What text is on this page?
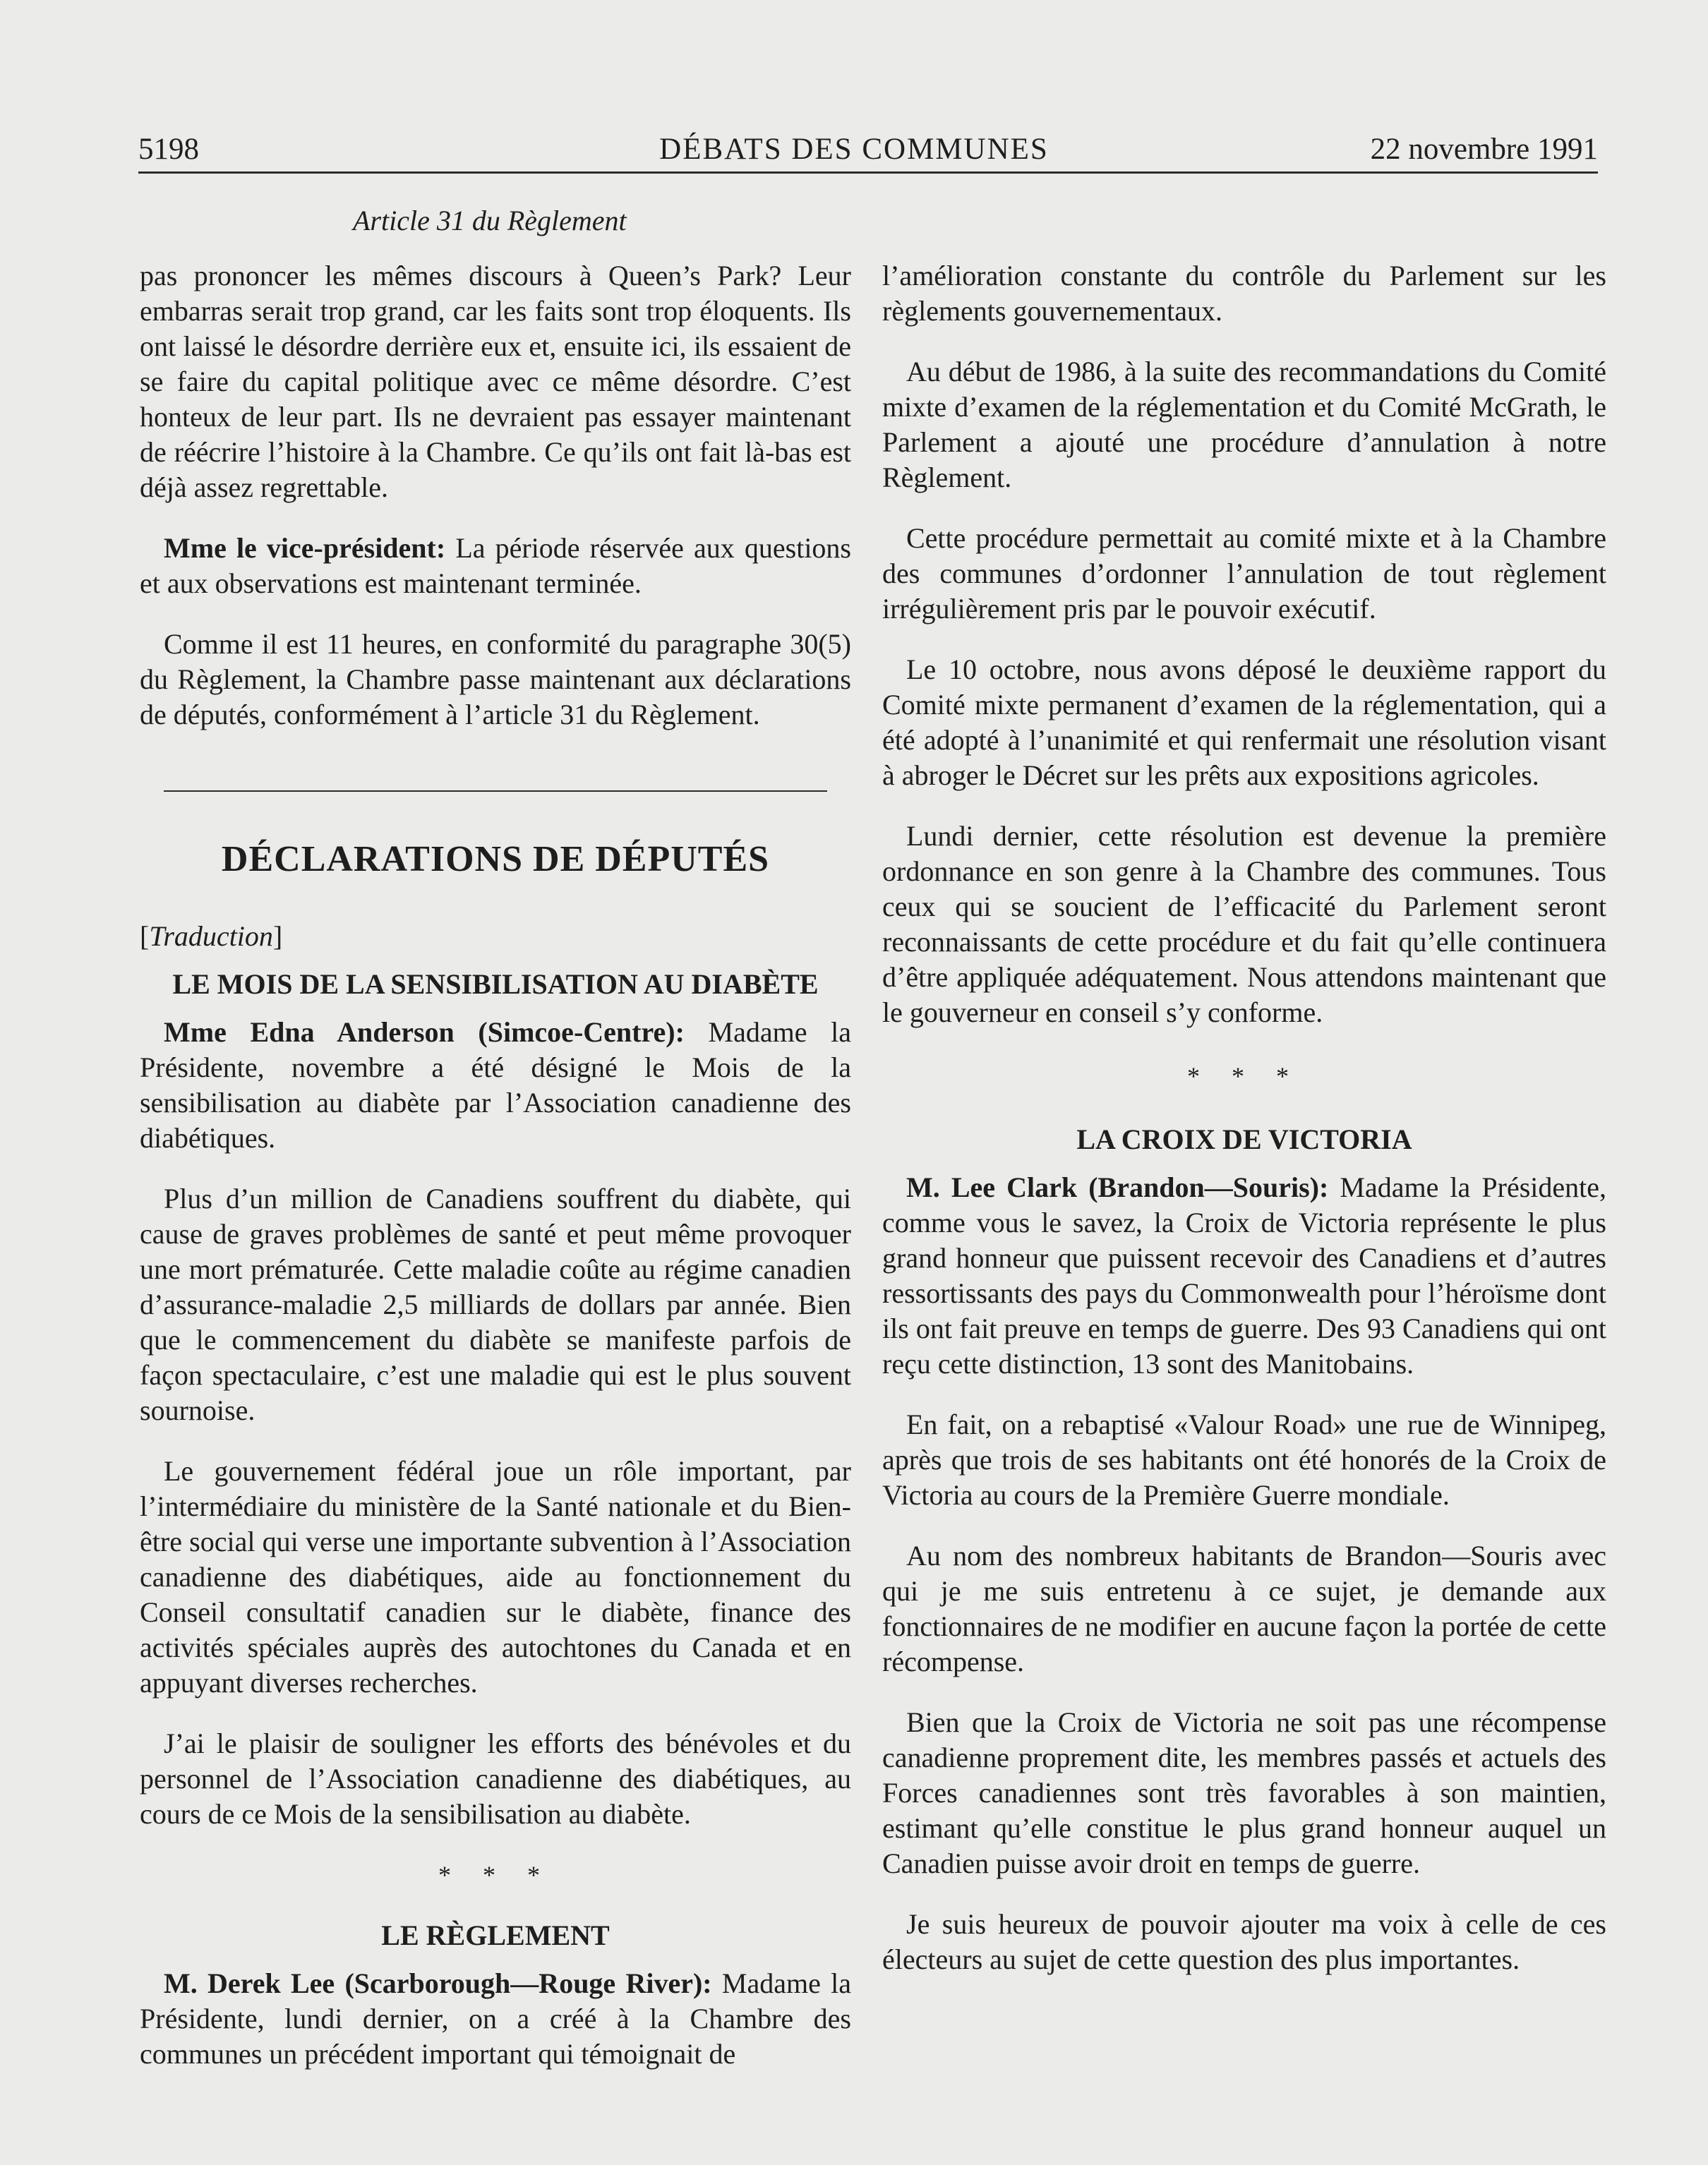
5198	DÉBATS DES COMMUNES	22 novembre 1991
Article 31 du Règlement

pas prononcer les mêmes discours à Queen’s Park? Leur embarras serait trop grand, car les faits sont trop éloquents. Ils ont laissé le désordre derrière eux et, ensuite ici, ils essaient de se faire du capital politique avec ce même désordre. C’est honteux de leur part. Ils ne devraient pas essayer maintenant de réécrire l’histoire à la Chambre. Ce qu’ils ont fait là-bas est déjà assez regrettable.

Mme le vice-président: La période réservée aux questions et aux observations est maintenant terminée.

Comme il est 11 heures, en conformité du paragraphe 30(5) du Règlement, la Chambre passe maintenant aux déclarations de députés, conformément à l’article 31 du Règlement.

DÉCLARATIONS DE DÉPUTÉS
[Traduction]
LE MOIS DE LA SENSIBILISATION AU DIABÈTE

Mme Edna Anderson (Simcoe-Centre): Madame la Présidente, novembre a été désigné le Mois de la sensibilisation au diabète par l’Association canadienne des diabétiques.

Plus d’un million de Canadiens souffrent du diabète, qui cause de graves problèmes de santé et peut même provoquer une mort prématurée. Cette maladie coûte au régime canadien d’assurance-maladie 2,5 milliards de dollars par année. Bien que le commencement du diabète se manifeste parfois de façon spectaculaire, c’est une maladie qui est le plus souvent sournoise.

Le gouvernement fédéral joue un rôle important, par l’intermédiaire du ministère de la Santé nationale et du Bien-être social qui verse une importante subvention à l’Association canadienne des diabétiques, aide au fonctionnement du Conseil consultatif canadien sur le diabète, finance des activités spéciales auprès des autochtones du Canada et en appuyant diverses recherches.

J’ai le plaisir de souligner les efforts des bénévoles et du personnel de l’Association canadienne des diabétiques, au cours de ce Mois de la sensibilisation au diabète.

* * *
LE RÈGLEMENT

M. Derek Lee (Scarborough—Rouge River): Madame la Présidente, lundi dernier, on a créé à la Chambre des communes un précédent important qui témoignait de

l’amélioration constante du contrôle du Parlement sur les règlements gouvernementaux.

Au début de 1986, à la suite des recommandations du Comité mixte d’examen de la réglementation et du Comité McGrath, le Parlement a ajouté une procédure d’annulation à notre Règlement.

Cette procédure permettait au comité mixte et à la Chambre des communes d’ordonner l’annulation de tout règlement irrégulièrement pris par le pouvoir exécutif.

Le 10 octobre, nous avons déposé le deuxième rapport du Comité mixte permanent d’examen de la réglementation, qui a été adopté à l’unanimité et qui renfermait une résolution visant à abroger le Décret sur les prêts aux expositions agricoles.

Lundi dernier, cette résolution est devenue la première ordonnance en son genre à la Chambre des communes. Tous ceux qui se soucient de l’efficacité du Parlement seront reconnaissants de cette procédure et du fait qu’elle continuera d’être appliquée adéquatement. Nous attendons maintenant que le gouverneur en conseil s’y conforme.

* * *
LA CROIX DE VICTORIA

M. Lee Clark (Brandon—Souris): Madame la Présidente, comme vous le savez, la Croix de Victoria représente le plus grand honneur que puissent recevoir des Canadiens et d’autres ressortissants des pays du Commonwealth pour l’héroïsme dont ils ont fait preuve en temps de guerre. Des 93 Canadiens qui ont reçu cette distinction, 13 sont des Manitobains.

En fait, on a rebaptisé «Valour Road» une rue de Winnipeg, après que trois de ses habitants ont été honorés de la Croix de Victoria au cours de la Première Guerre mondiale.

Au nom des nombreux habitants de Brandon—Souris avec qui je me suis entretenu à ce sujet, je demande aux fonctionnaires de ne modifier en aucune façon la portée de cette récompense.

Bien que la Croix de Victoria ne soit pas une récompense canadienne proprement dite, les membres passés et actuels des Forces canadiennes sont très favorables à son maintien, estimant qu’elle constitue le plus grand honneur auquel un Canadien puisse avoir droit en temps de guerre.

Je suis heureux de pouvoir ajouter ma voix à celle de ces électeurs au sujet de cette question des plus importantes.
